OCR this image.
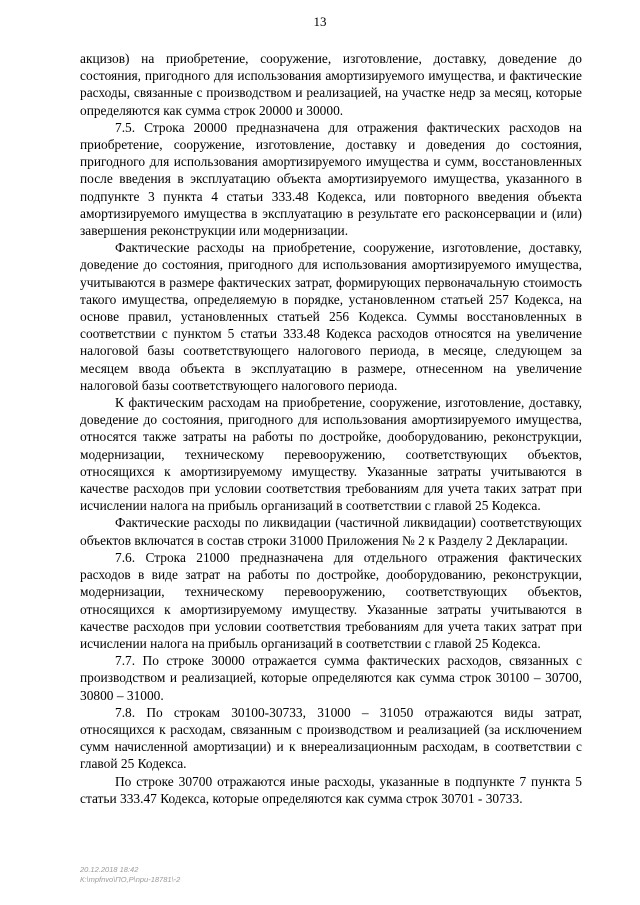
13

акцизов) на приобретение, сооружение, изготовление, доставку, доведение до состояния, пригодного для использования амортизируемого имущества, и фактические расходы, связанные с производством и реализацией, на участке недр за месяц, которые определяются как сумма строк 20000 и 30000.

7.5. Строка 20000 предназначена для отражения фактических расходов на приобретение, сооружение, изготовление, доставку и доведения до состояния, пригодного для использования амортизируемого имущества и сумм, восстановленных после введения в эксплуатацию объекта амортизируемого имущества, указанного в подпункте 3 пункта 4 статьи 333.48 Кодекса, или повторного введения объекта амортизируемого имущества в эксплуатацию в результате его расконсервации и (или) завершения реконструкции или модернизации.

Фактические расходы на приобретение, сооружение, изготовление, доставку, доведение до состояния, пригодного для использования амортизируемого имущества, учитываются в размере фактических затрат, формирующих первоначальную стоимость такого имущества, определяемую в порядке, установленном статьей 257 Кодекса, на основе правил, установленных статьей 256 Кодекса. Суммы восстановленных в соответствии с пунктом 5 статьи 333.48 Кодекса расходов относятся на увеличение налоговой базы соответствующего налогового периода, в месяце, следующем за месяцем ввода объекта в эксплуатацию в размере, отнесенном на увеличение налоговой базы соответствующего налогового периода.

К фактическим расходам на приобретение, сооружение, изготовление, доставку, доведение до состояния, пригодного для использования амортизируемого имущества, относятся также затраты на работы по достройке, дооборудованию, реконструкции, модернизации, техническому перевооружению, соответствующих объектов, относящихся к амортизируемому имуществу. Указанные затраты учитываются в качестве расходов при условии соответствия требованиям для учета таких затрат при исчислении налога на прибыль организаций в соответствии с главой 25 Кодекса.

Фактические расходы по ликвидации (частичной ликвидации) соответствующих объектов включатся в состав строки 31000 Приложения № 2 к Разделу 2 Декларации.

7.6. Строка 21000 предназначена для отдельного отражения фактических расходов в виде затрат на работы по достройке, дооборудованию, реконструкции, модернизации, техническому перевооружению, соответствующих объектов, относящихся к амортизируемому имуществу. Указанные затраты учитываются в качестве расходов при условии соответствия требованиям для учета таких затрат при исчислении налога на прибыль организаций в соответствии с главой 25 Кодекса.

7.7. По строке 30000 отражается сумма фактических расходов, связанных с производством и реализацией, которые определяются как сумма строк 30100 – 30700, 30800 – 31000.

7.8. По строкам 30100-30733, 31000 – 31050 отражаются виды затрат, относящихся к расходам, связанным с производством и реализацией (за исключением сумм начисленной амортизации) и к внереализационным расходам, в соответствии с главой 25 Кодекса.

По строке 30700 отражаются иные расходы, указанные в подпункте 7 пункта 5 статьи 333.47 Кодекса, которые определяются как сумма строк 30701 - 30733.

20.12.2018 18:42
К:\mpfnvo\ПО,Р\npu-18781\-2
